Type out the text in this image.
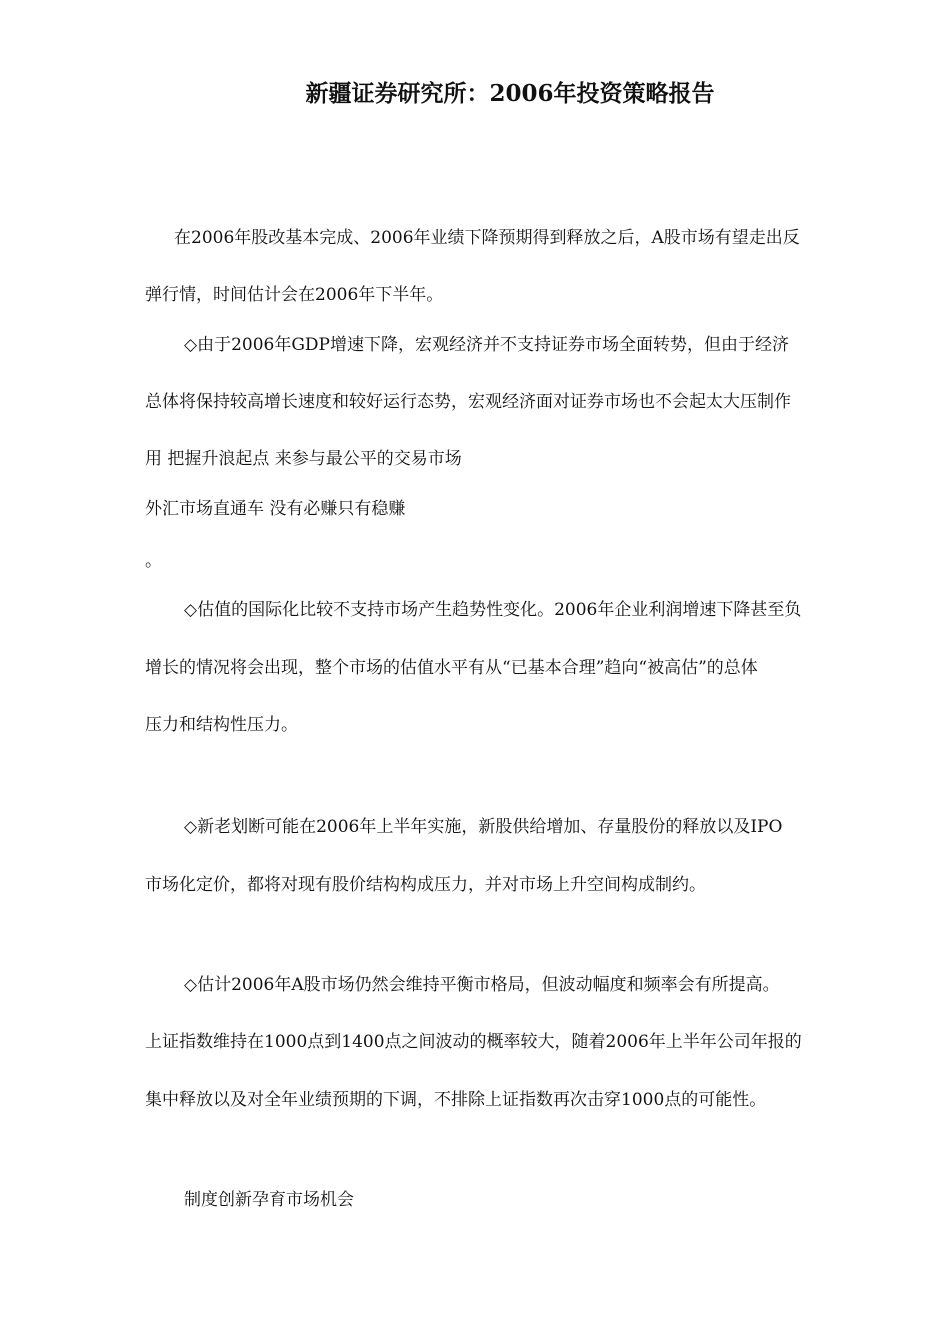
新疆证券研究所：2006年投资策略报告

在2006年股改基本完成、2006年业绩下降预期得到释放之后，A股市场有望走出反

弹行情，时间估计会在2006年下半年。

◇由于2006年GDP增速下降，宏观经济并不支持证券市场全面转势，但由于经济

总体将保持较高增长速度和较好运行态势，宏观经济面对证券市场也不会起太大压制作

用 把握升浪起点 来参与最公平的交易市场

外汇市场直通车 没有必赚只有稳赚

。

◇估值的国际化比较不支持市场产生趋势性变化。2006年企业利润增速下降甚至负

增长的情况将会出现，整个市场的估值水平有从“已基本合理”趋向“被高估”的总体

压力和结构性压力。

◇新老划断可能在2006年上半年实施，新股供给增加、存量股份的释放以及IPO

市场化定价，都将对现有股价结构构成压力，并对市场上升空间构成制约。

◇估计2006年A股市场仍然会维持平衡市格局，但波动幅度和频率会有所提高。

上证指数维持在1000点到1400点之间波动的概率较大，随着2006年上半年公司年报的

集中释放以及对全年业绩预期的下调，不排除上证指数再次击穿1000点的可能性。

制度创新孕育市场机会
